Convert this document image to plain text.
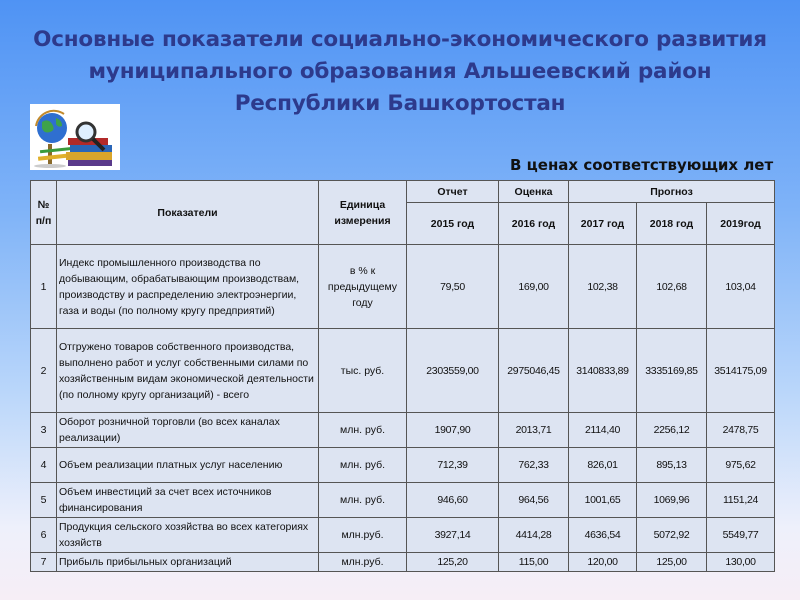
Основные показатели социально-экономического развития
муниципального образования Альшеевский район
Республики Башкортостан
В ценах соответствующих лет
№ п/п	Показатели	Единица измерения	Отчет	Оценка	Прогноз		
			2015 год	2016 год	2017 год	2018 год	2019год
1	Индекс промышленного производства по добывающим, обрабатывающим производствам, производству и распределению электроэнергии, газа и воды (по полному кругу предприятий)	в % к предыдущему году	79,50	169,00	102,38	102,68	103,04
2	Отгружено товаров собственного производства, выполнено работ и услуг собственными силами по хозяйственным видам экономической деятельности (по полному кругу организаций) - всего	тыс. руб.	2303559,00	2975046,45	3140833,89	3335169,85	3514175,09
3	Оборот розничной торговли (во всех каналах реализации)	млн. руб.	1907,90	2013,71	2114,40	2256,12	2478,75
4	Объем реализации платных услуг населению	млн. руб.	712,39	762,33	826,01	895,13	975,62
5	Объем инвестиций за счет всех источников финансирования	млн. руб.	946,60	964,56	1001,65	1069,96	1151,24
6	Продукция сельского хозяйства во всех категориях хозяйств	млн.руб.	3927,14	4414,28	4636,54	5072,92	5549,77
7	Прибыль прибыльных организаций	млн.руб.	125,20	115,00	120,00	125,00	130,00
